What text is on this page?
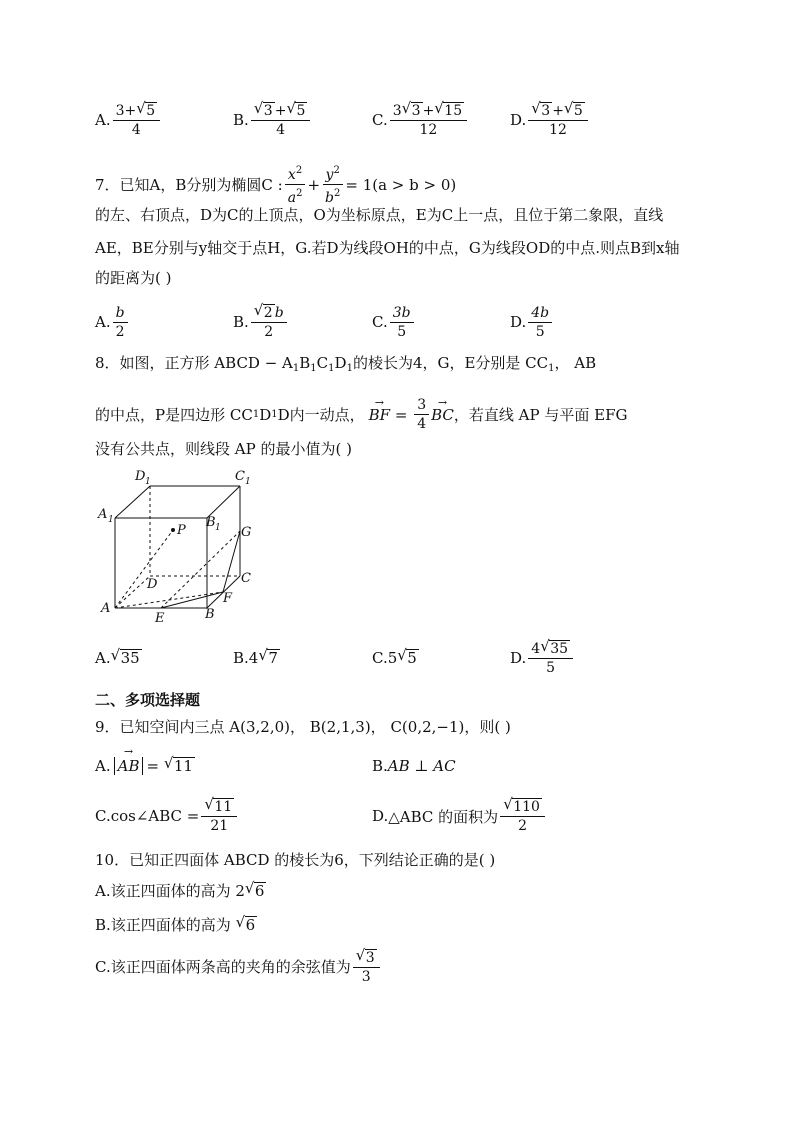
A. $\frac{3+ √ 5}{4}$	B. √ $\frac{3 + √ 5}{4}$	C. $\frac{3 √ 3 + √ 15}{12}$	D. √ $\frac{3 + √ 5}{12}$
7．已知A，B分别为椭圆C : $\frac{x^2}{a^2} + \frac{y^2}{b^2} = 1(a > b > 0)$
的左、右顶点，D为C的上顶点，O为坐标原点，E为C上一点，且位于第二象限，直线
AE，BE分别与y轴交于点H，G.若D为线段OH的中点，G为线段OD的中点.则点B到x轴
的距离为( )
A. $\frac{b}{2}$	B. √ $\frac{2 b}{2}$	C. $\frac{3b}{5}$	D. $\frac{4b}{5}$
8．如图，正方形 ABCD − $A_1B_1C_1D_1$的棱长为4，G，E分别是 $CC_1$， AB
的中点，P是四边形 CC 1 D 1 D 内一动点， → BF = $\frac{3}{4}$ → BC ，若直线 AP 与平面 EFG
没有公共点，则线段 AP 的最小值为( )
A 1
D 1	C 1
B 1 G
P
D	C
F
A
E	B
A. √ 35	B. 4 √ 7	C. 5 √ 5	D. $\frac{4 √ 35}{5}$
二、多项选择题
9．已知空间内三点 A(3,2,0)， B(2,1,3)， C(0,2,−1)，则( )
A. → AB = √ 11	B. AB ⊥ AC
C. cos∠ABC = √ $\frac{11}{21}$	D. △ABC 的面积为 √ $\frac{110}{2}$
10．已知正四面体 ABCD 的棱长为6，下列结论正确的是( )
A.该正四面体的高为 2 √ 6
B.该正四面体的高为 √ 6
C.该正四面体两条高的夹角的余弦值为 √ $\frac{3}{3}$
